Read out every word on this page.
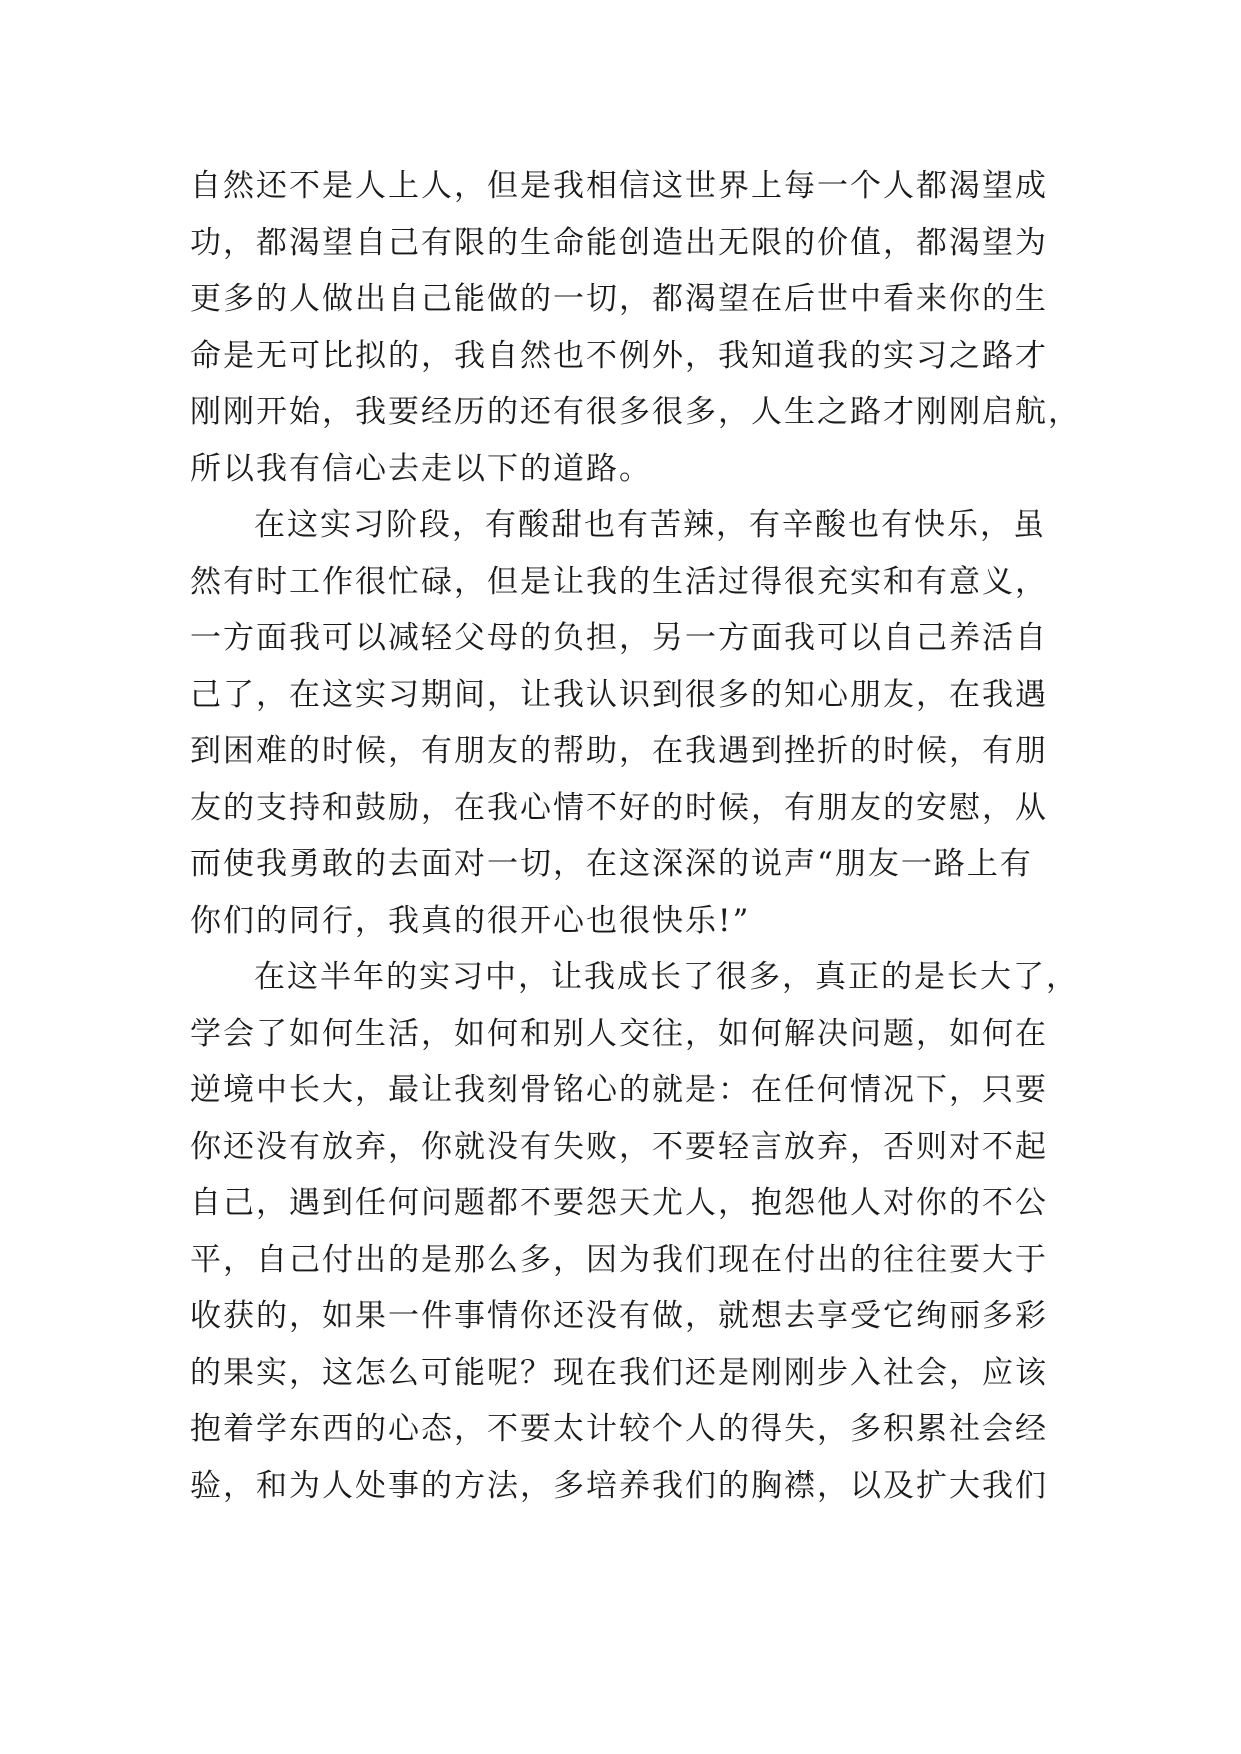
自然还不是人上人，但是我相信这世界上每一个人都渴望成
功，都渴望自己有限的生命能创造出无限的价值，都渴望为
更多的人做出自己能做的一切，都渴望在后世中看来你的生
命是无可比拟的，我自然也不例外，我知道我的实习之路才
刚刚开始，我要经历的还有很多很多，人生之路才刚刚启航，
所以我有信心去走以下的道路。
在这实习阶段，有酸甜也有苦辣，有辛酸也有快乐，虽
然有时工作很忙碌，但是让我的生活过得很充实和有意义，
一方面我可以减轻父母的负担，另一方面我可以自己养活自
己了，在这实习期间，让我认识到很多的知心朋友，在我遇
到困难的时候，有朋友的帮助，在我遇到挫折的时候，有朋
友的支持和鼓励，在我心情不好的时候，有朋友的安慰，从
而使我勇敢的去面对一切，在这深深的说声“朋友一路上有
你们的同行，我真的很开心也很快乐!”
在这半年的实习中，让我成长了很多，真正的是长大了，
学会了如何生活，如何和别人交往，如何解决问题，如何在
逆境中长大，最让我刻骨铭心的就是：在任何情况下，只要
你还没有放弃，你就没有失败，不要轻言放弃，否则对不起
自己，遇到任何问题都不要怨天尤人，抱怨他人对你的不公
平，自己付出的是那么多，因为我们现在付出的往往要大于
收获的，如果一件事情你还没有做，就想去享受它绚丽多彩
的果实，这怎么可能呢？现在我们还是刚刚步入社会，应该
抱着学东西的心态，不要太计较个人的得失，多积累社会经
验，和为人处事的方法，多培养我们的胸襟，以及扩大我们
